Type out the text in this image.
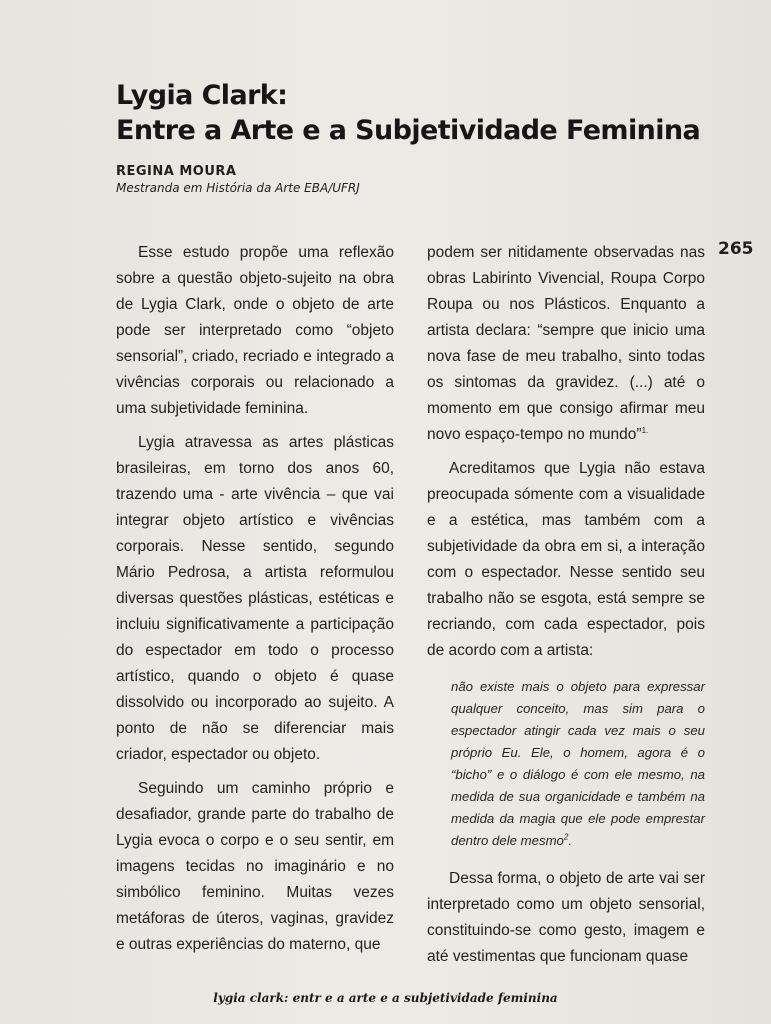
Lygia Clark:
Entre a Arte e a Subjetividade Feminina
REGINA MOURA
Mestranda em História da Arte EBA/UFRJ
265

Esse estudo propõe uma reflexão sobre a questão objeto-sujeito na obra de Lygia Clark, onde o objeto de arte pode ser interpretado como “objeto sensorial”, criado, recriado e integrado a vivências corporais ou relacionado a uma subjetividade feminina.

Lygia atravessa as artes plásticas brasileiras, em torno dos anos 60, trazendo uma - arte vivência – que vai integrar objeto artístico e vivências corporais. Nesse sentido, segundo Mário Pedrosa, a artista reformulou diversas questões plásticas, estéticas e incluiu significativamente a participação do espectador em todo o processo artístico, quando o objeto é quase dissolvido ou incorporado ao sujeito. A ponto de não se diferenciar mais criador, espectador ou objeto.

Seguindo um caminho próprio e desafiador, grande parte do trabalho de Lygia evoca o corpo e o seu sentir, em imagens tecidas no imaginário e no simbólico feminino. Muitas vezes metáforas de úteros, vaginas, gravidez e outras experiências do materno, que

podem ser nitidamente observadas nas obras Labirinto Vivencial, Roupa Corpo Roupa ou nos Plásticos. Enquanto a artista declara: “sempre que inicio uma nova fase de meu trabalho, sinto todas os sintomas da gravidez. (...) até o momento em que consigo afirmar meu novo espaço-tempo no mundo”$^{1.}$

Acreditamos que Lygia não estava preocupada sómente com a visualidade e a estética, mas também com a subjetividade da obra em si, a interação com o espectador. Nesse sentido seu trabalho não se esgota, está sempre se recriando, com cada espectador, pois de acordo com a artista:

não existe mais o objeto para expressar qualquer conceito, mas sim para o espectador atingir cada vez mais o seu próprio Eu. Ele, o homem, agora é o “bicho” e o diálogo é com ele mesmo, na medida de sua organicidade e também na medida da magia que ele pode emprestar dentro dele mesmo$^2$.

Dessa forma, o objeto de arte vai ser interpretado como um objeto sensorial, constituindo-se como gesto, imagem e até vestimentas que funcionam quase

lygia clark: entr e a arte e a subjetividade feminina
